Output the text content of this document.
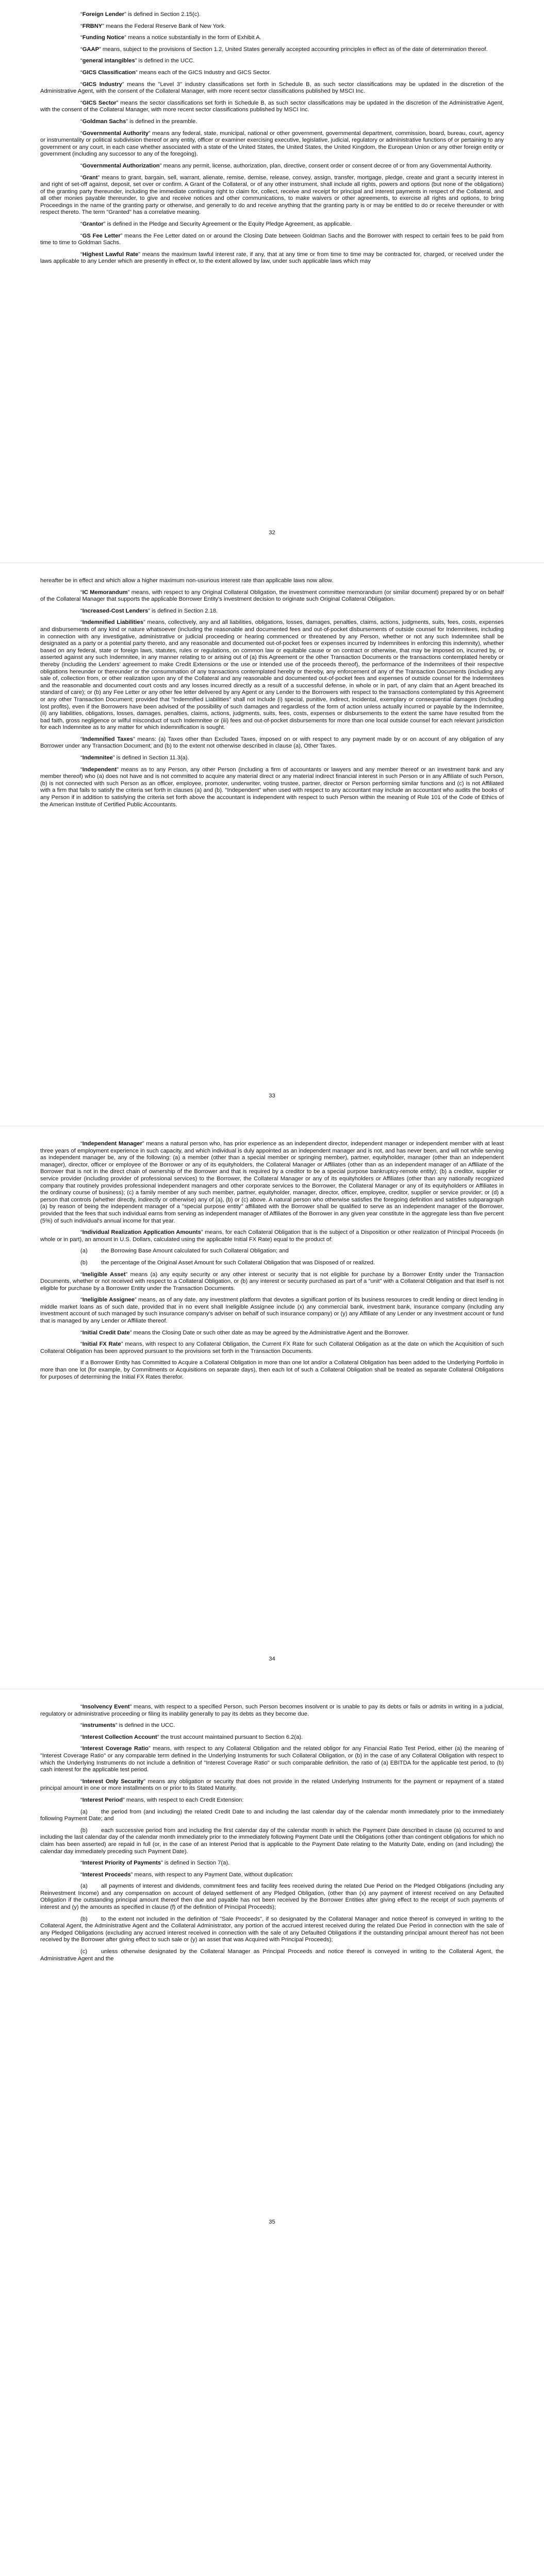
“Foreign Lender” is defined in Section 2.15(c).

“FRBNY” means the Federal Reserve Bank of New York.

“Funding Notice” means a notice substantially in the form of Exhibit A.

“GAAP” means, subject to the provisions of Section 1.2, United States generally accepted accounting principles in effect as of the date of determination thereof.

“general intangibles” is defined in the UCC.

“GICS Classification” means each of the GICS Industry and GICS Sector.

“GICS Industry” means the "Level 3" industry classifications set forth in Schedule B, as such sector classifications may be updated in the discretion of the Administrative Agent, with the consent of the Collateral Manager, with more recent sector classifications published by MSCI Inc.

“GICS Sector” means the sector classifications set forth in Schedule B, as such sector classifications may be updated in the discretion of the Administrative Agent, with the consent of the Collateral Manager, with more recent sector classifications published by MSCI Inc.

“Goldman Sachs” is defined in the preamble.

“Governmental Authority” means any federal, state, municipal, national or other government, governmental department, commission, board, bureau, court, agency or instrumentality or political subdivision thereof or any entity, officer or examiner exercising executive, legislative, judicial, regulatory or administrative functions of or pertaining to any government or any court, in each case whether associated with a state of the United States, the United States, the United Kingdom, the European Union or any other foreign entity or government (including any successor to any of the foregoing).

“Governmental Authorization” means any permit, license, authorization, plan, directive, consent order or consent decree of or from any Governmental Authority.

“Grant” means to grant, bargain, sell, warrant, alienate, remise, demise, release, convey, assign, transfer, mortgage, pledge, create and grant a security interest in and right of set-off against, deposit, set over or confirm. A Grant of the Collateral, or of any other instrument, shall include all rights, powers and options (but none of the obligations) of the granting party thereunder, including the immediate continuing right to claim for, collect, receive and receipt for principal and interest payments in respect of the Collateral, and all other monies payable thereunder, to give and receive notices and other communications, to make waivers or other agreements, to exercise all rights and options, to bring Proceedings in the name of the granting party or otherwise, and generally to do and receive anything that the granting party is or may be entitled to do or receive thereunder or with respect thereto. The term "Granted" has a correlative meaning.

“Grantor” is defined in the Pledge and Security Agreement or the Equity Pledge Agreement, as applicable.

“GS Fee Letter” means the Fee Letter dated on or around the Closing Date between Goldman Sachs and the Borrower with respect to certain fees to be paid from time to time to Goldman Sachs.

“Highest Lawful Rate” means the maximum lawful interest rate, if any, that at any time or from time to time may be contracted for, charged, or received under the laws applicable to any Lender which are presently in effect or, to the extent allowed by law, under such applicable laws which may

32

hereafter be in effect and which allow a higher maximum non-usurious interest rate than applicable laws now allow.

“IC Memorandum” means, with respect to any Original Collateral Obligation, the investment committee memorandum (or similar document) prepared by or on behalf of the Collateral Manager that supports the applicable Borrower Entity's investment decision to originate such Original Collateral Obligation.

“Increased-Cost Lenders” is defined in Section 2.18.

“Indemnified Liabilities” means, collectively, any and all liabilities, obligations, losses, damages, penalties, claims, actions, judgments, suits, fees, costs, expenses and disbursements of any kind or nature whatsoever (including the reasonable and documented fees and out-of-pocket disbursements of outside counsel for Indemnitees, including in connection with any investigative, administrative or judicial proceeding or hearing commenced or threatened by any Person, whether or not any such Indemnitee shall be designated as a party or a potential party thereto, and any reasonable and documented out-of-pocket fees or expenses incurred by Indemnitees in enforcing this indemnity), whether based on any federal, state or foreign laws, statutes, rules or regulations, on common law or equitable cause or on contract or otherwise, that may be imposed on, incurred by, or asserted against any such Indemnitee, in any manner relating to or arising out of (a) this Agreement or the other Transaction Documents or the transactions contemplated hereby or thereby (including the Lenders' agreement to make Credit Extensions or the use or intended use of the proceeds thereof), the performance of the Indemnitees of their respective obligations hereunder or thereunder or the consummation of any transactions contemplated hereby or thereby, any enforcement of any of the Transaction Documents (including any sale of, collection from, or other realization upon any of the Collateral and any reasonable and documented out-of-pocket fees and expenses of outside counsel for the Indemnitees and the reasonable and documented court costs and any losses incurred directly as a result of a successful defense, in whole or in part, of any claim that an Agent breached its standard of care); or (b) any Fee Letter or any other fee letter delivered by any Agent or any Lender to the Borrowers with respect to the transactions contemplated by this Agreement or any other Transaction Document; provided that "Indemnified Liabilities" shall not include (i) special, punitive, indirect, incidental, exemplary or consequential damages (including lost profits), even if the Borrowers have been advised of the possibility of such damages and regardless of the form of action unless actually incurred or payable by the Indemnitee, (ii) any liabilities, obligations, losses, damages, penalties, claims, actions, judgments, suits, fees, costs, expenses or disbursements to the extent the same have resulted from the bad faith, gross negligence or wilful misconduct of such Indemnitee or (iii) fees and out-of-pocket disbursements for more than one local outside counsel for each relevant jurisdiction for each Indemnitee as to any matter for which indemnification is sought.

“Indemnified Taxes” means: (a) Taxes other than Excluded Taxes, imposed on or with respect to any payment made by or on account of any obligation of any Borrower under any Transaction Document; and (b) to the extent not otherwise described in clause (a), Other Taxes.

“Indemnitee” is defined in Section 11.3(a).

“Independent” means as to any Person, any other Person (including a firm of accountants or lawyers and any member thereof or an investment bank and any member thereof) who (a) does not have and is not committed to acquire any material direct or any material indirect financial interest in such Person or in any Affiliate of such Person, (b) is not connected with such Person as an officer, employee, promoter, underwriter, voting trustee, partner, director or Person performing similar functions and (c) is not Affiliated with a firm that fails to satisfy the criteria set forth in clauses (a) and (b). "Independent" when used with respect to any accountant may include an accountant who audits the books of any Person if in addition to satisfying the criteria set forth above the accountant is independent with respect to such Person within the meaning of Rule 101 of the Code of Ethics of the American Institute of Certified Public Accountants.

33

“Independent Manager” means a natural person who, has prior experience as an independent director, independent manager or independent member with at least three years of employment experience in such capacity, and which individual is duly appointed as an independent manager and is not, and has never been, and will not while serving as independent manager be, any of the following: (a) a member (other than a special member or springing member), partner, equityholder, manager (other than an independent manager), director, officer or employee of the Borrower or any of its equityholders, the Collateral Manager or Affiliates (other than as an independent manager of an Affiliate of the Borrower that is not in the direct chain of ownership of the Borrower and that is required by a creditor to be a special purpose bankruptcy-remote entity); (b) a creditor, supplier or service provider (including provider of professional services) to the Borrower, the Collateral Manager or any of its equityholders or Affiliates (other than any nationally recognized company that routinely provides professional independent managers and other corporate services to the Borrower, the Collateral Manager or any of its equityholders or Affiliates in the ordinary course of business); (c) a family member of any such member, partner, equityholder, manager, director, officer, employee, creditor, supplier or service provider; or (d) a person that controls (whether directly, indirectly or otherwise) any of (a), (b) or (c) above. A natural person who otherwise satisfies the foregoing definition and satisfies subparagraph (a) by reason of being the independent manager of a "special purpose entity" affiliated with the Borrower shall be qualified to serve as an independent manager of the Borrower, provided that the fees that such individual earns from serving as independent manager of Affiliates of the Borrower in any given year constitute in the aggregate less than five percent (5%) of such individual's annual income for that year.

“Individual Realization Application Amounts” means, for each Collateral Obligation that is the subject of a Disposition or other realization of Principal Proceeds (in whole or in part), an amount in U.S. Dollars, calculated using the applicable Initial FX Rate) equal to the product of:

(a) the Borrowing Base Amount calculated for such Collateral Obligation; and

(b) the percentage of the Original Asset Amount for such Collateral Obligation that was Disposed of or realized.

“Ineligible Asset” means (a) any equity security or any other interest or security that is not eligible for purchase by a Borrower Entity under the Transaction Documents, whether or not received with respect to a Collateral Obligation, or (b) any interest or security purchased as part of a "unit" with a Collateral Obligation and that itself is not eligible for purchase by a Borrower Entity under the Transaction Documents.

“Ineligible Assignee” means, as of any date, any investment platform that devotes a significant portion of its business resources to credit lending or direct lending in middle market loans as of such date, provided that in no event shall Ineligible Assignee include (x) any commercial bank, investment bank, insurance company (including any investment account of such managed by such insurance company's adviser on behalf of such insurance company) or (y) any Affiliate of any Lender or any investment account or fund that is managed by any Lender or Affiliate thereof.

“Initial Credit Date” means the Closing Date or such other date as may be agreed by the Administrative Agent and the Borrower.

“Initial FX Rate” means, with respect to any Collateral Obligation, the Current FX Rate for such Collateral Obligation as at the date on which the Acquisition of such Collateral Obligation has been approved pursuant to the provisions set forth in the Transaction Documents.

If a Borrower Entity has Committed to Acquire a Collateral Obligation in more than one lot and/or a Collateral Obligation has been added to the Underlying Portfolio in more than one lot (for example, by Commitments or Acquisitions on separate days), then each lot of such a Collateral Obligation shall be treated as separate Collateral Obligations for purposes of determining the Initial FX Rates therefor.

34

“Insolvency Event” means, with respect to a specified Person, such Person becomes insolvent or is unable to pay its debts or fails or admits in writing in a judicial, regulatory or administrative proceeding or filing its inability generally to pay its debts as they become due.

“instruments” is defined in the UCC.

“Interest Collection Account” the trust account maintained pursuant to Section 6.2(a).

“Interest Coverage Ratio” means, with respect to any Collateral Obligation and the related obligor for any Financial Ratio Test Period, either (a) the meaning of "Interest Coverage Ratio" or any comparable term defined in the Underlying Instruments for such Collateral Obligation, or (b) in the case of any Collateral Obligation with respect to which the Underlying Instruments do not include a definition of "Interest Coverage Ratio" or such comparable definition, the ratio of (a) EBITDA for the applicable test period, to (b) cash interest for the applicable test period.

“Interest Only Security” means any obligation or security that does not provide in the related Underlying Instruments for the payment or repayment of a stated principal amount in one or more installments on or prior to its Stated Maturity.

“Interest Period” means, with respect to each Credit Extension:

(a) the period from (and including) the related Credit Date to and including the last calendar day of the calendar month immediately prior to the immediately following Payment Date; and

(b) each successive period from and including the first calendar day of the calendar month in which the Payment Date described in clause (a) occurred to and including the last calendar day of the calendar month immediately prior to the immediately following Payment Date until the Obligations (other than contingent obligations for which no claim has been asserted) are repaid in full (or, in the case of an Interest Period that is applicable to the Payment Date relating to the Maturity Date, ending on (and including) the calendar day immediately preceding such Payment Date).

“Interest Priority of Payments” is defined in Section 7(a).

“Interest Proceeds” means, with respect to any Payment Date, without duplication:

(a) all payments of interest and dividends, commitment fees and facility fees received during the related Due Period on the Pledged Obligations (including any Reinvestment Income) and any compensation on account of delayed settlement of any Pledged Obligation, (other than (x) any payment of interest received on any Defaulted Obligation if the outstanding principal amount thereof then due and payable has not been received by the Borrower Entities after giving effect to the receipt of such payments of interest and (y) the amounts as specified in clause (f) of the definition of Principal Proceeds);

(b) to the extent not included in the definition of "Sale Proceeds", if so designated by the Collateral Manager and notice thereof is conveyed in writing to the Collateral Agent, the Administrative Agent and the Collateral Administrator, any portion of the accrued interest received during the related Due Period in connection with the sale of any Pledged Obligations (excluding any accrued interest received in connection with the sale of any Defaulted Obligations if the outstanding principal amount thereof has not been received by the Borrower after giving effect to such sale or (y) an asset that was Acquired with Principal Proceeds);

(c) unless otherwise designated by the Collateral Manager as Principal Proceeds and notice thereof is conveyed in writing to the Collateral Agent, the Administrative Agent and the

35
